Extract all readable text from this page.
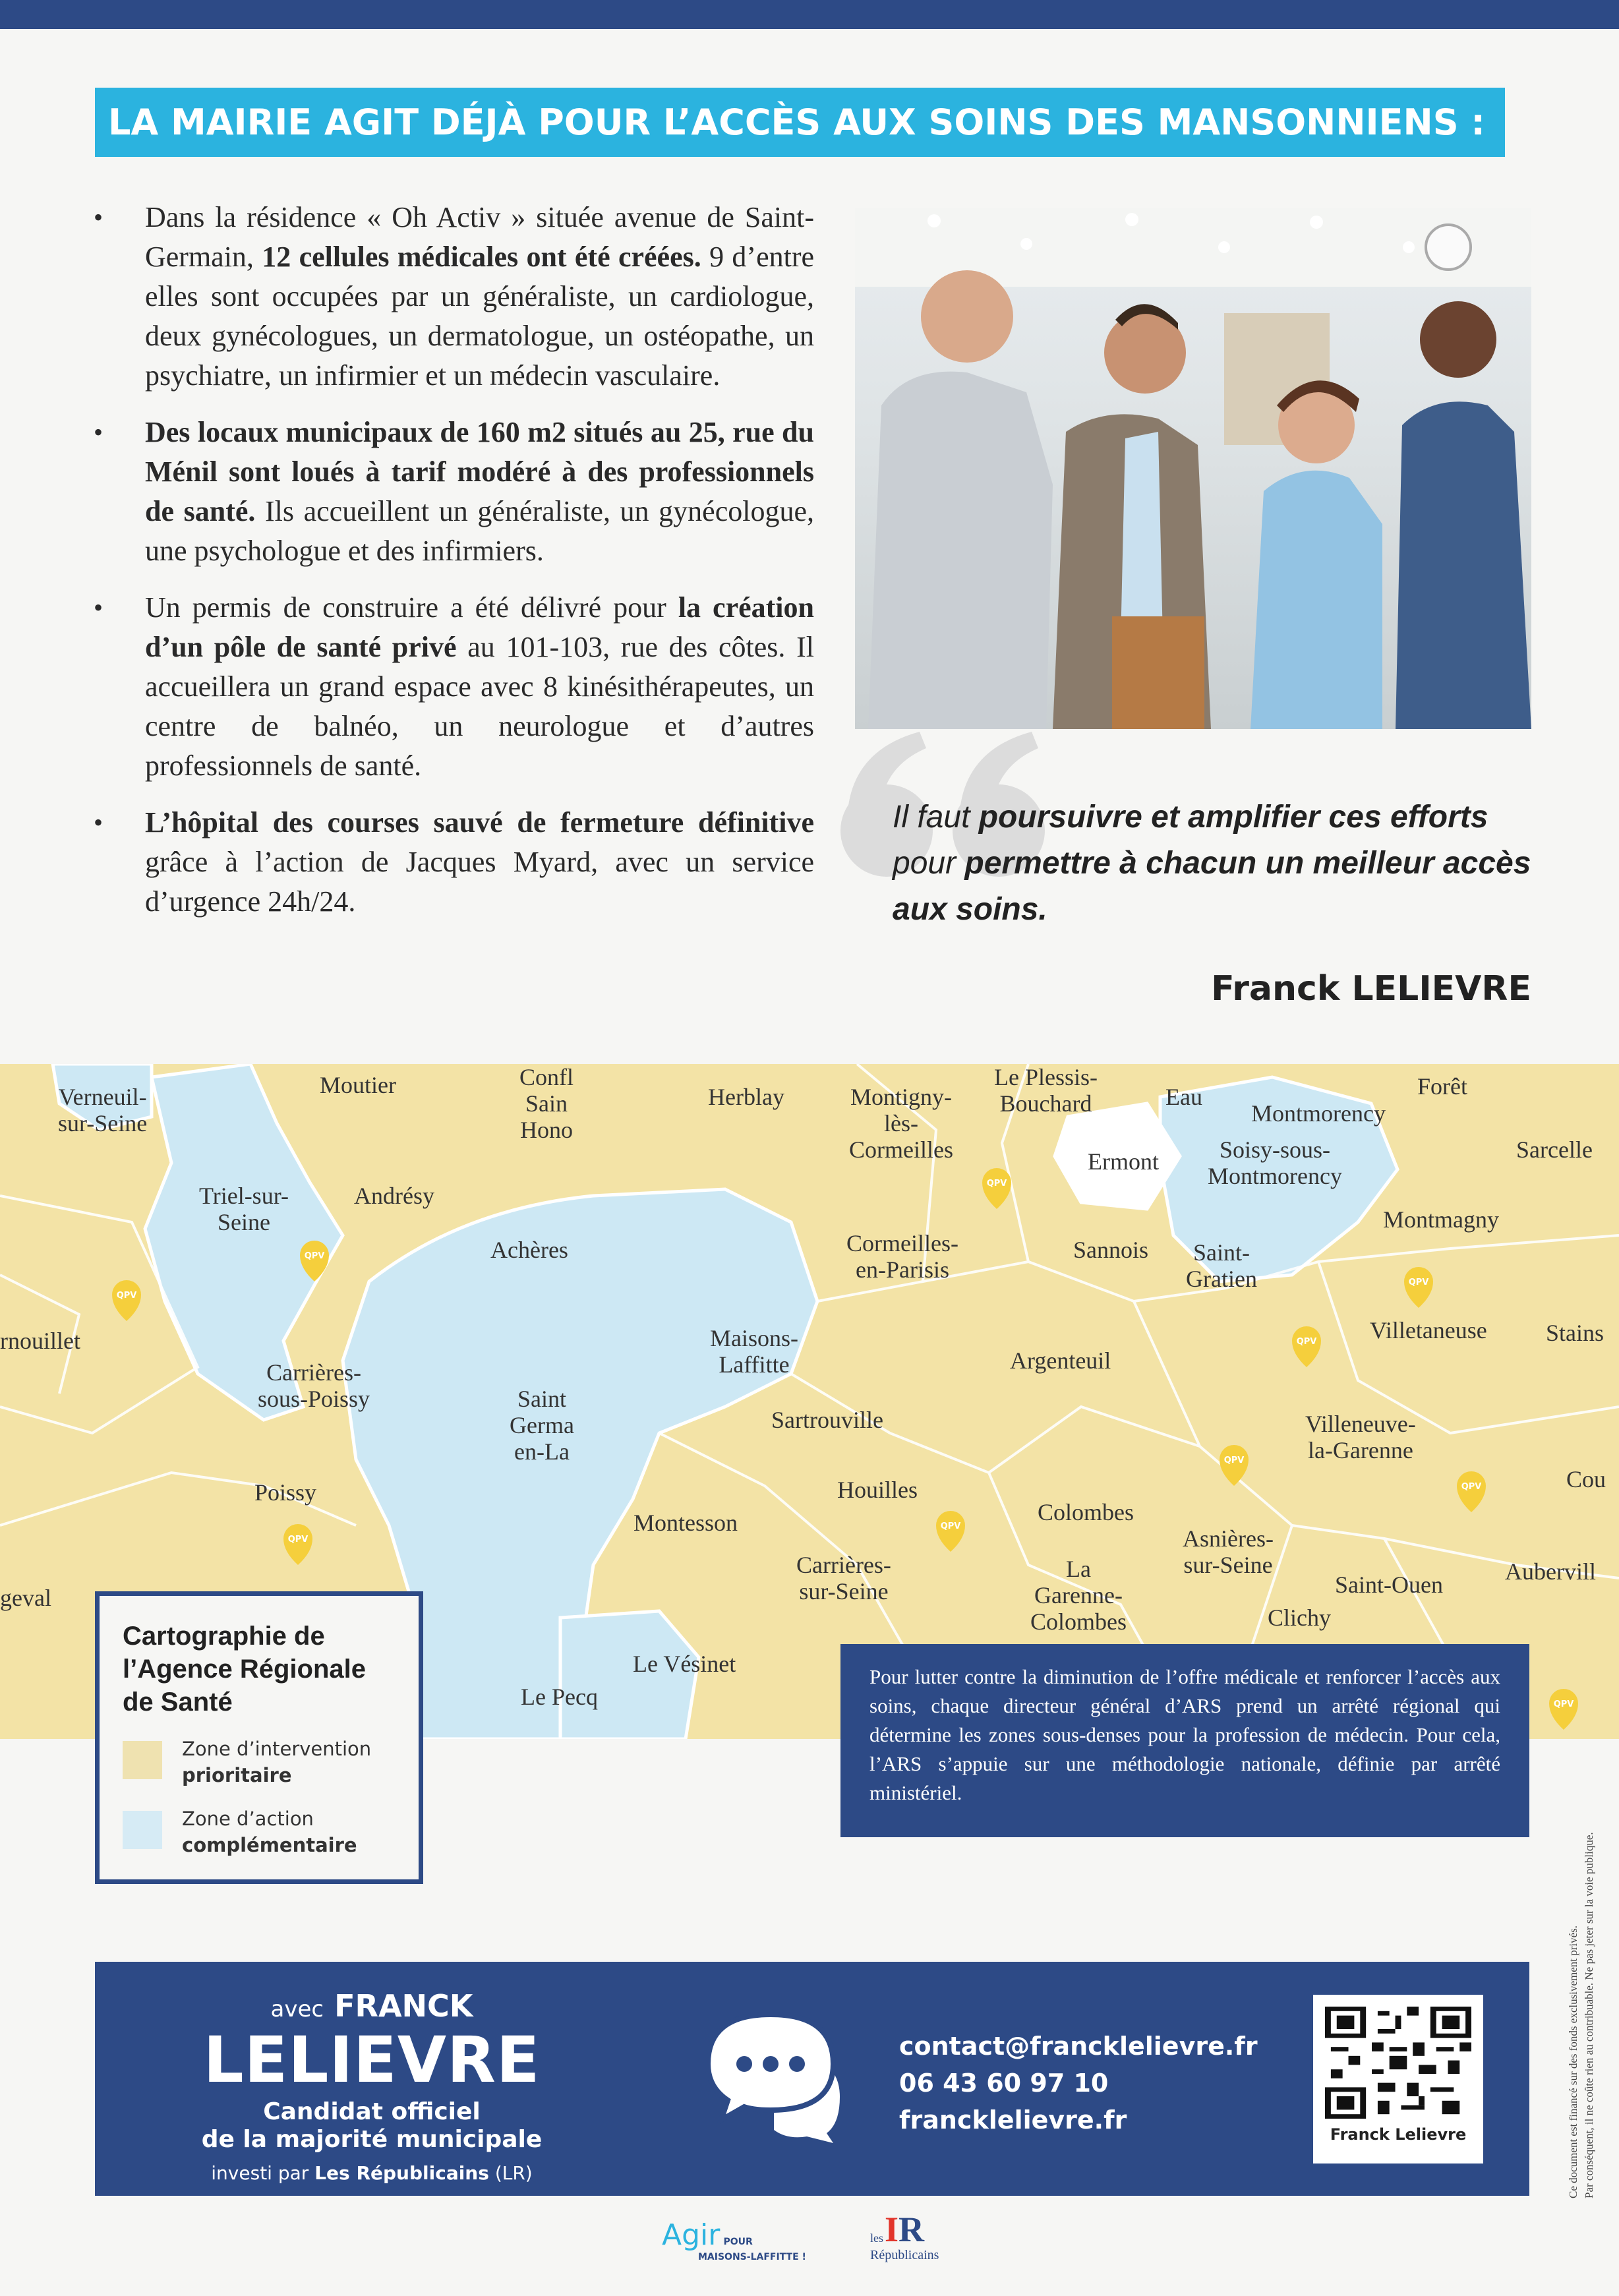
LA MAIRIE AGIT DÉJÀ POUR L’ACCÈS AUX SOINS DES MANSONNIENS :
• Dans la résidence « Oh Activ » située avenue de Saint-Germain, 12 cellules médicales ont été créées. 9 d’entre elles sont occupées par un généraliste, un cardiologue, deux gynécologues, un dermatologue, un ostéopathe, un psychiatre, un infirmier et un médecin vasculaire.
• Des locaux municipaux de 160 m2 situés au 25, rue du Ménil sont loués à tarif modéré à des professionnels de santé. Ils accueillent un généraliste, un gynécologue, une psychologue et des infirmiers.
• Un permis de construire a été délivré pour la création d’un pôle de santé privé au 101-103, rue des côtes. Il accueillera un grand espace avec 8 kinésithérapeutes, un centre de balnéo, un neurologue et d’autres professionnels de santé.
• L’hôpital des courses sauvé de fermeture définitive grâce à l’action de Jacques Myard, avec un service d’urgence 24h/24.
Il faut poursuivre et amplifier ces efforts pour permettre à chacun un meilleur accès aux soins.
Franck LELIEVRE
QPV
QPV
QPV
QPV
QPV
QPV
QPV
QPV
QPV
QPV
Verneuil-
sur-Seine
Moutier	Confl
Sain
Hono
Herblay	Montigny-
lès-
Cormeilles
Le Plessis-
Bouchard	Eau
Montmorency
Forêt
Soisy-sous-
Montmorency
Sarcelle
Ermont
Triel-sur-
Seine
Andrésy
Achères	Cormeilles-
en-Parisis
Sannois	Saint-
Gratien
Montmagny
rnouillet	Villetaneuse Stains
Maisons-
Laffitte	Argenteuil
Carrières-
sous-Poissy	Saint
Germa
en-La
Sartrouville	Villeneuve-
la-Garenne
Poissy	Houilles	Cou
Montesson	Colombes
Asnières-
sur-Seine
Carrières-
sur-Seine
La
Garenne-
Colombes
Saint-Ouen	Aubervill
Clichy
geval
Le Vésinet
Le Pecq
Cartographie de l’Agence Régionale de Santé
Zone d’intervention
prioritaire
Zone d’action
complémentaire
Pour lutter contre la diminution de l’offre médicale et renforcer l’accès aux soins, chaque directeur général d’ARS prend un arrêté régional qui détermine les zones sous-denses pour la profession de médecin. Pour cela, l’ARS s’appuie sur une méthodologie nationale, définie par arrêté ministériel.

Ce document est financé sur des fonds exclusivement privés. Par conséquent, il ne coûte rien au contribuable. Ne pas jeter sur la voie publique.

avec FRANCK
LELIEVRE
Candidat officiel
de la majorité municipale
investi par Les Républicains (LR)
contact@francklelievre.fr
06 43 60 97 10
francklelievre.fr	Franck Lelievre
Agir POUR
MAISONS-LAFFITTE !
IR
les
Républicains
